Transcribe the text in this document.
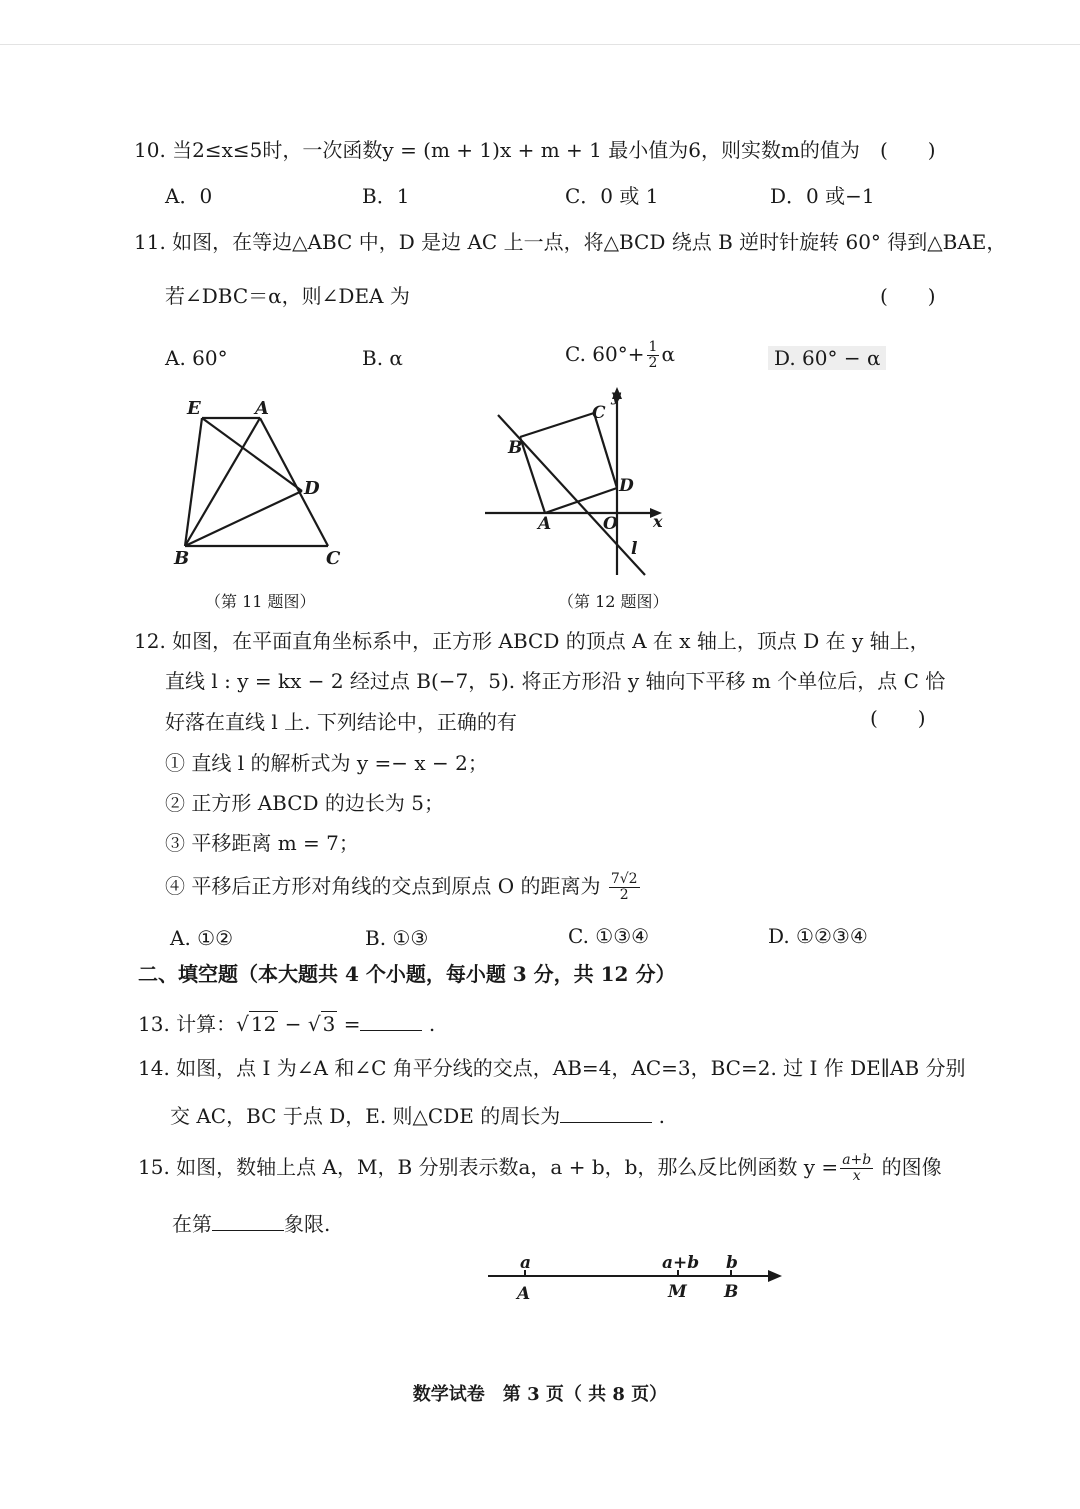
10. 当2≤x≤5时，一次函数y = (m + 1)x + m + 1 最小值为6，则实数m的值为 (　　)
A．0	B．1	C．0 或 1	D．0 或−1
11. 如图，在等边△ABC 中，D 是边 AC 上一点，将△BCD 绕点 B 逆时针旋转 60° 得到△BAE，
若∠DBC＝α，则∠DEA 为	(　　)
A. 60°	B. α	C. $60^\circ+ \frac{1}{2}$ α	D. 60° − α
E	A
D
B	C
（第 11 题图）
C
y
B
D
A	O x
l
（第 12 题图）
12. 如图，在平面直角坐标系中，正方形 ABCD 的顶点 A 在 x 轴上，顶点 D 在 y 轴上，
直线 l : y = kx − 2 经过点 B(−7，5). 将正方形沿 y 轴向下平移 m 个单位后，点 C 恰
好落在直线 l 上. 下列结论中，正确的有	(　　)
① 直线 l 的解析式为 y =− x − 2；
② 正方形 ABCD 的边长为 5；
③ 平移距离 m = 7；
④ 平移后正方形对角线的交点到原点 O 的距离为 $\frac{7√2}{2}$
A. ①②	B. ①③	C. ①③④	D. ①②③④
二、填空题（本大题共 4 个小题，每小题 3 分，共 12 分）
13. 计算：√ 12 − √ 3 =	.
14. 如图，点 I 为∠A 和∠C 角平分线的交点，AB=4，AC=3，BC=2. 过 I 作 DE∥AB 分别
交 AC，BC 于点 D，E. 则△CDE 的周长为	.
15. 如图，数轴上点 A，M，B 分别表示数a，a + b，b，那么反比例函数 $y = \frac{a+b}{x}$ 的图像
在第	象限.
a	a+b b
A	M B
数学试卷　第 3 页（ 共 8 页）
